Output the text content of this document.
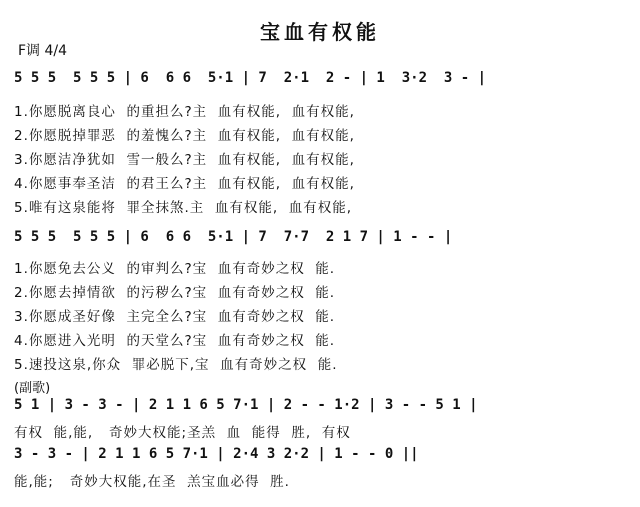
宝血有权能
F调 4/4
5 5 5  5 5 5 | 6  6 6  5·1 | 7  2·1  2 - | 1  3·2  3 - |
1.你愿脱离良心  的重担么?主  血有权能,  血有权能,
2.你愿脱掉罪恶  的羞愧么?主  血有权能,  血有权能,
3.你愿洁净犹如  雪一般么?主  血有权能,  血有权能,
4.你愿事奉圣洁  的君王么?主  血有权能,  血有权能,
5.唯有这泉能将  罪全抹煞.主  血有权能,  血有权能,
5 5 5  5 5 5 | 6  6 6  5·1 | 7  7·7  2 1 7 | 1 - - |
1.你愿免去公义  的审判么?宝  血有奇妙之权  能.
2.你愿去掉情欲  的污秽么?宝  血有奇妙之权  能.
3.你愿成圣好像  主完全么?宝  血有奇妙之权  能.
4.你愿进入光明  的天堂么?宝  血有奇妙之权  能.
5.速投这泉,你众  罪必脱下,宝  血有奇妙之权  能.
(副歌)
5 1 | 3 - 3 - | 2 1 1 6 5 7·1 | 2 - - 1·2 | 3 - - 5 1 |
有权  能,能,   奇妙大权能;圣羔  血  能得  胜,  有权
3 - 3 - | 2 1 1 6 5 7·1 | 2·4 3 2·2 | 1 - - 0 ||
能,能;   奇妙大权能,在圣  羔宝血必得  胜.
